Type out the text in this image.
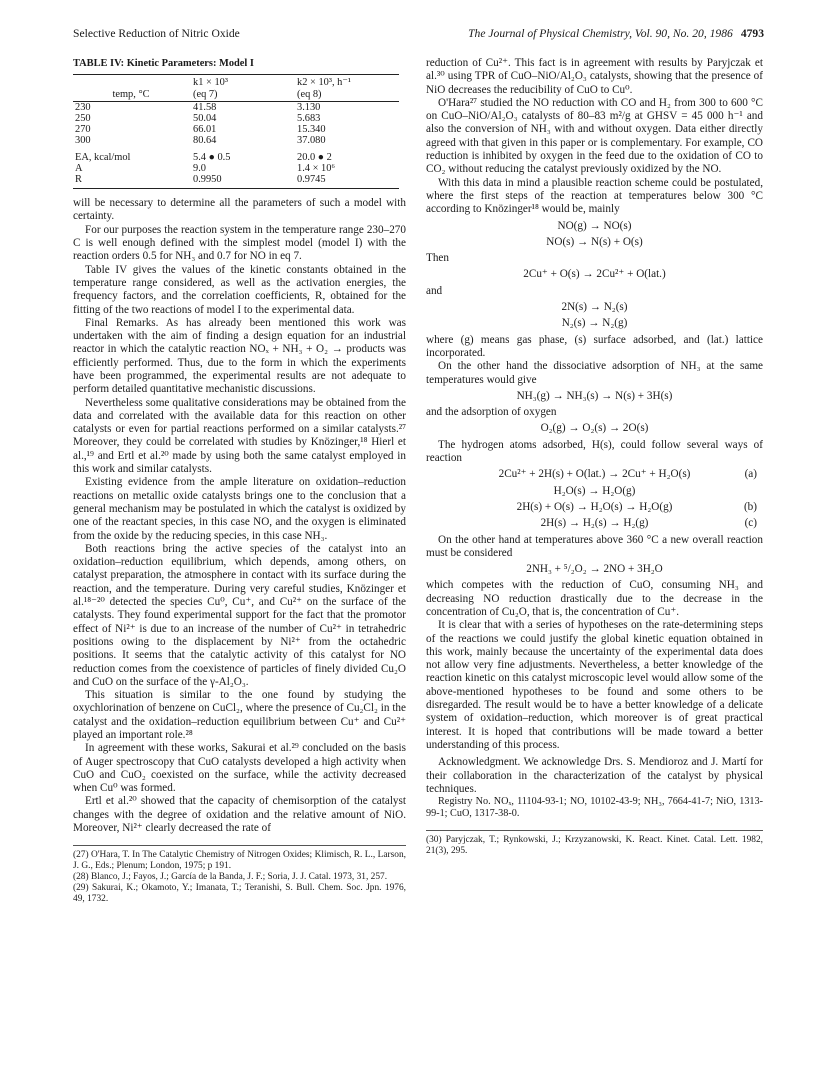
Selective Reduction of Nitric Oxide	The Journal of Physical Chemistry, Vol. 90, No. 20, 1986 4793
TABLE IV: Kinetic Parameters: Model I
	k1 × 10³	k2 × 10³, h⁻¹
temp, °C	(eq 7)	(eq 8)
230	41.58	3.130
250	50.04	5.683
270	66.01	15.340
300	80.64	37.080
EA, kcal/mol	5.4 ● 0.5	20.0 ● 2
A	9.0	1.4 × 10⁶
R	0.9950	0.9745

will be necessary to determine all the parameters of such a model with certainty.

For our purposes the reaction system in the temperature range 230–270 C is well enough defined with the simplest model (model I) with the reaction orders 0.5 for NH₃ and 0.7 for NO in eq 7.

Table IV gives the values of the kinetic constants obtained in the temperature range considered, as well as the activation energies, the frequency factors, and the correlation coefficients, R, obtained for the fitting of the two reactions of model I to the experimental data.

Final Remarks. As has already been mentioned this work was undertaken with the aim of finding a design equation for an industrial reactor in which the catalytic reaction NOₓ + NH₃ + O₂ → products was efficiently performed. Thus, due to the form in which the experiments have been programmed, the experimental results are not adequate to perform detailed quantitative mechanistic discussions.

Nevertheless some qualitative considerations may be obtained from the data and correlated with the available data for this reaction on other catalysts or even for partial reactions performed on a similar catalysts.²⁷ Moreover, they could be correlated with studies by Knözinger,¹⁸ Hierl et al.,¹⁹ and Ertl et al.²⁰ made by using both the same catalyst employed in this work and similar catalysts.

Existing evidence from the ample literature on oxidation–reduction reactions on metallic oxide catalysts brings one to the conclusion that a general mechanism may be postulated in which the catalyst is oxidized by one of the reactant species, in this case NO, and the oxygen is eliminated from the oxide by the reducing species, in this case NH₃.

Both reactions bring the active species of the catalyst into an oxidation–reduction equilibrium, which depends, among others, on catalyst preparation, the atmosphere in contact with its surface during the reaction, and the temperature. During very careful studies, Knözinger et al.¹⁸⁻²⁰ detected the species Cu⁰, Cu⁺, and Cu²⁺ on the surface of the catalysts. They found experimental support for the fact that the promotor effect of Ni²⁺ is due to an increase of the number of Cu²⁺ in tetrahedric positions owing to the displacement by Ni²⁺ from the octahedric positions. It seems that the catalytic activity of this catalyst for NO reduction comes from the coexistence of particles of finely divided Cu₂O and CuO on the surface of the γ-Al₂O₃.

This situation is similar to the one found by studying the oxychlorination of benzene on CuCl₂, where the presence of Cu₂Cl₂ in the catalyst and the oxidation–reduction equilibrium between Cu⁺ and Cu²⁺ played an important role.²⁸

In agreement with these works, Sakurai et al.²⁹ concluded on the basis of Auger spectroscopy that CuO catalysts developed a high activity when CuO and CuO₂ coexisted on the surface, while the activity decreased when Cu⁰ was formed.

Ertl et al.²⁰ showed that the capacity of chemisorption of the catalyst changes with the degree of oxidation and the relative amount of NiO. Moreover, Ni²⁺ clearly decreased the rate of

(27) O'Hara, T. In The Catalytic Chemistry of Nitrogen Oxides; Klimisch, R. L., Larson, J. G., Eds.; Plenum; London, 1975; p 191.
(28) Blanco, J.; Fayos, J.; García de la Banda, J. F.; Soria, J. J. Catal. 1973, 31, 257.
(29) Sakurai, K.; Okamoto, Y.; Imanata, T.; Teranishi, S. Bull. Chem. Soc. Jpn. 1976, 49, 1732.

reduction of Cu²⁺. This fact is in agreement with results by Paryjczak et al.³⁰ using TPR of CuO–NiO/Al₂O₃ catalysts, showing that the presence of NiO decreases the reducibility of CuO to Cu⁰.

O'Hara²⁷ studied the NO reduction with CO and H₂ from 300 to 600 °C on CuO–NiO/Al₂O₃ catalysts of 80–83 m²/g at GHSV = 45 000 h⁻¹ and also the conversion of NH₃ with and without oxygen. Data either directly agreed with that given in this paper or is complementary. For example, CO reduction is inhibited by oxygen in the feed due to the oxidation of CO to CO₂ without reducing the catalyst previously oxidized by the NO.

With this data in mind a plausible reaction scheme could be postulated, where the first steps of the reaction at temperatures below 300 °C according to Knözinger¹⁸ would be, mainly

NO(g) → NO(s)
NO(s) → N(s) + O(s)

Then

2Cu⁺ + O(s) → 2Cu²⁺ + O(lat.)

and

2N(s) → N₂(s)
N₂(s) → N₂(g)

where (g) means gas phase, (s) surface adsorbed, and (lat.) lattice incorporated.

On the other hand the dissociative adsorption of NH₃ at the same temperatures would give

NH₃(g) → NH₃(s) → N(s) + 3H(s)

and the adsorption of oxygen

O₂(g) → O₂(s) → 2O(s)

The hydrogen atoms adsorbed, H(s), could follow several ways of reaction

2Cu²⁺ + 2H(s) + O(lat.) → 2Cu⁺ + H₂O(s)	(a)
H₂O(s) → H₂O(g)
2H(s) + O(s) → H₂O(s) → H₂O(g)	(b)
2H(s) → H₂(s) → H₂(g)	(c)

On the other hand at temperatures above 360 °C a new overall reaction must be considered

2NH₃ + ⁵/₂O₂ → 2NO + 3H₂O

which competes with the reduction of CuO, consuming NH₃ and decreasing NO reduction drastically due to the decrease in the concentration of Cu₂O, that is, the concentration of Cu⁺.

It is clear that with a series of hypotheses on the rate-determining steps of the reactions we could justify the global kinetic equation obtained in this work, mainly because the uncertainty of the experimental data does not allow very fine adjustments. Nevertheless, a better knowledge of the reaction kinetic on this catalyst microscopic level would allow some of the above-mentioned hypotheses to be found and some others to be disregarded. The result would be to have a better knowledge of a delicate system of oxidation–reduction, which moreover is of great practical interest. It is hoped that contributions will be made toward a better understanding of this process.

Acknowledgment. We acknowledge Drs. S. Mendioroz and J. Martí for their collaboration in the characterization of the catalyst by physical techniques.

Registry No. NOₓ, 11104-93-1; NO, 10102-43-9; NH₃, 7664-41-7; NiO, 1313-99-1; CuO, 1317-38-0.

(30) Paryjczak, T.; Rynkowski, J.; Krzyzanowski, K. React. Kinet. Catal. Lett. 1982, 21(3), 295.
